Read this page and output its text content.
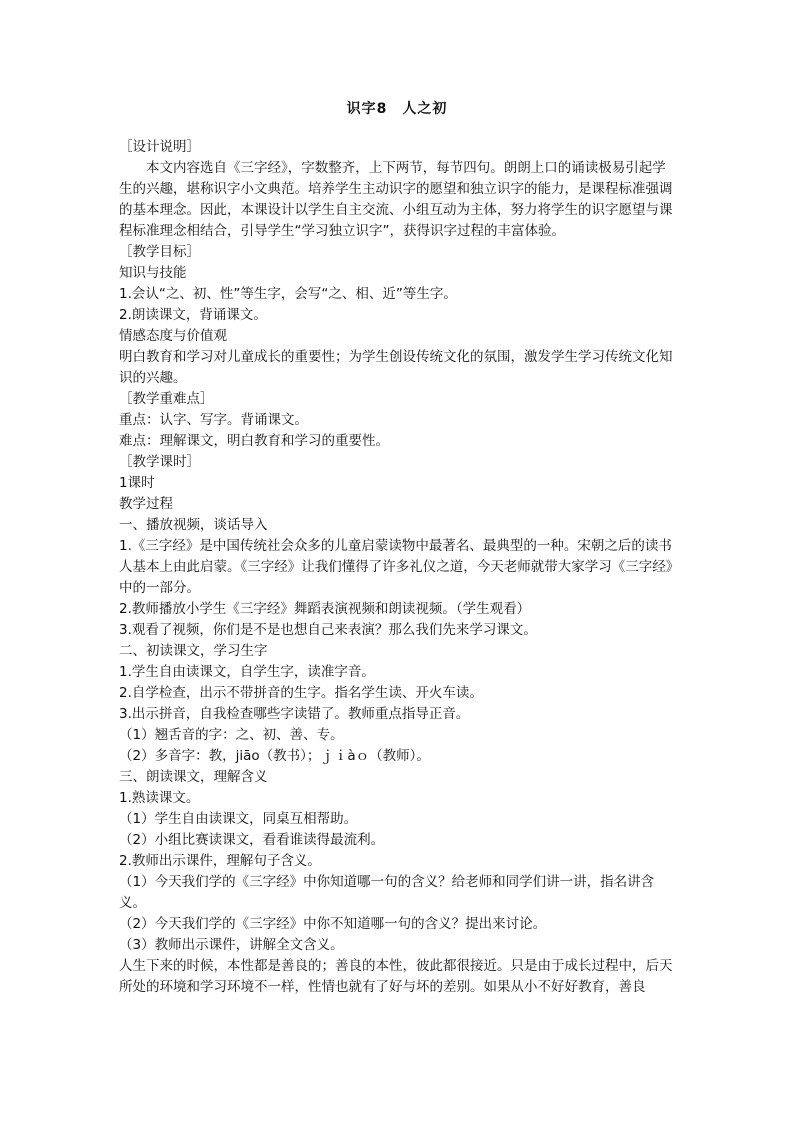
识字8　人之初

［设计说明］

本文内容选自《三字经》，字数整齐，上下两节，每节四句。朗朗上口的诵读极易引起学生的兴趣，堪称识字小文典范。培养学生主动识字的愿望和独立识字的能力，是课程标准强调的基本理念。因此，本课设计以学生自主交流、小组互动为主体，努力将学生的识字愿望与课程标准理念相结合，引导学生“学习独立识字”，获得识字过程的丰富体验。

［教学目标］

知识与技能

1.会认“之、初、性”等生字，会写“之、相、近”等生字。

2.朗读课文，背诵课文。

情感态度与价值观

明白教育和学习对儿童成长的重要性；为学生创设传统文化的氛围，激发学生学习传统文化知识的兴趣。

［教学重难点］

重点：认字、写字。背诵课文。

难点：理解课文，明白教育和学习的重要性。

［教学课时］

1课时

教学过程

一、播放视频，谈话导入

1.《三字经》是中国传统社会众多的儿童启蒙读物中最著名、最典型的一种。宋朝之后的读书人基本上由此启蒙。《三字经》让我们懂得了许多礼仪之道，今天老师就带大家学习《三字经》中的一部分。

2.教师播放小学生《三字经》舞蹈表演视频和朗读视频。（学生观看）

3.观看了视频，你们是不是也想自己来表演？那么我们先来学习课文。

二、初读课文，学习生字

1.学生自由读课文，自学生字，读准字音。

2.自学检查，出示不带拼音的生字。指名学生读、开火车读。

3.出示拼音，自我检查哪些字读错了。教师重点指导正音。

（1）翘舌音的字：之、初、善、专。

（2）多音字：教，jiāo（教书）；ｊｉàｏ（教师）。

三、朗读课文，理解含义

1.熟读课文。

（1）学生自由读课文，同桌互相帮助。

（2）小组比赛读课文，看看谁读得最流利。

2.教师出示课件，理解句子含义。

（1）今天我们学的《三字经》中你知道哪一句的含义？给老师和同学们讲一讲，指名讲含义。

（2）今天我们学的《三字经》中你不知道哪一句的含义？提出来讨论。

（3）教师出示课件，讲解全文含义。

人生下来的时候，本性都是善良的；善良的本性，彼此都很接近。只是由于成长过程中，后天所处的环境和学习环境不一样，性情也就有了好与坏的差别。如果从小不好好教育，善良
